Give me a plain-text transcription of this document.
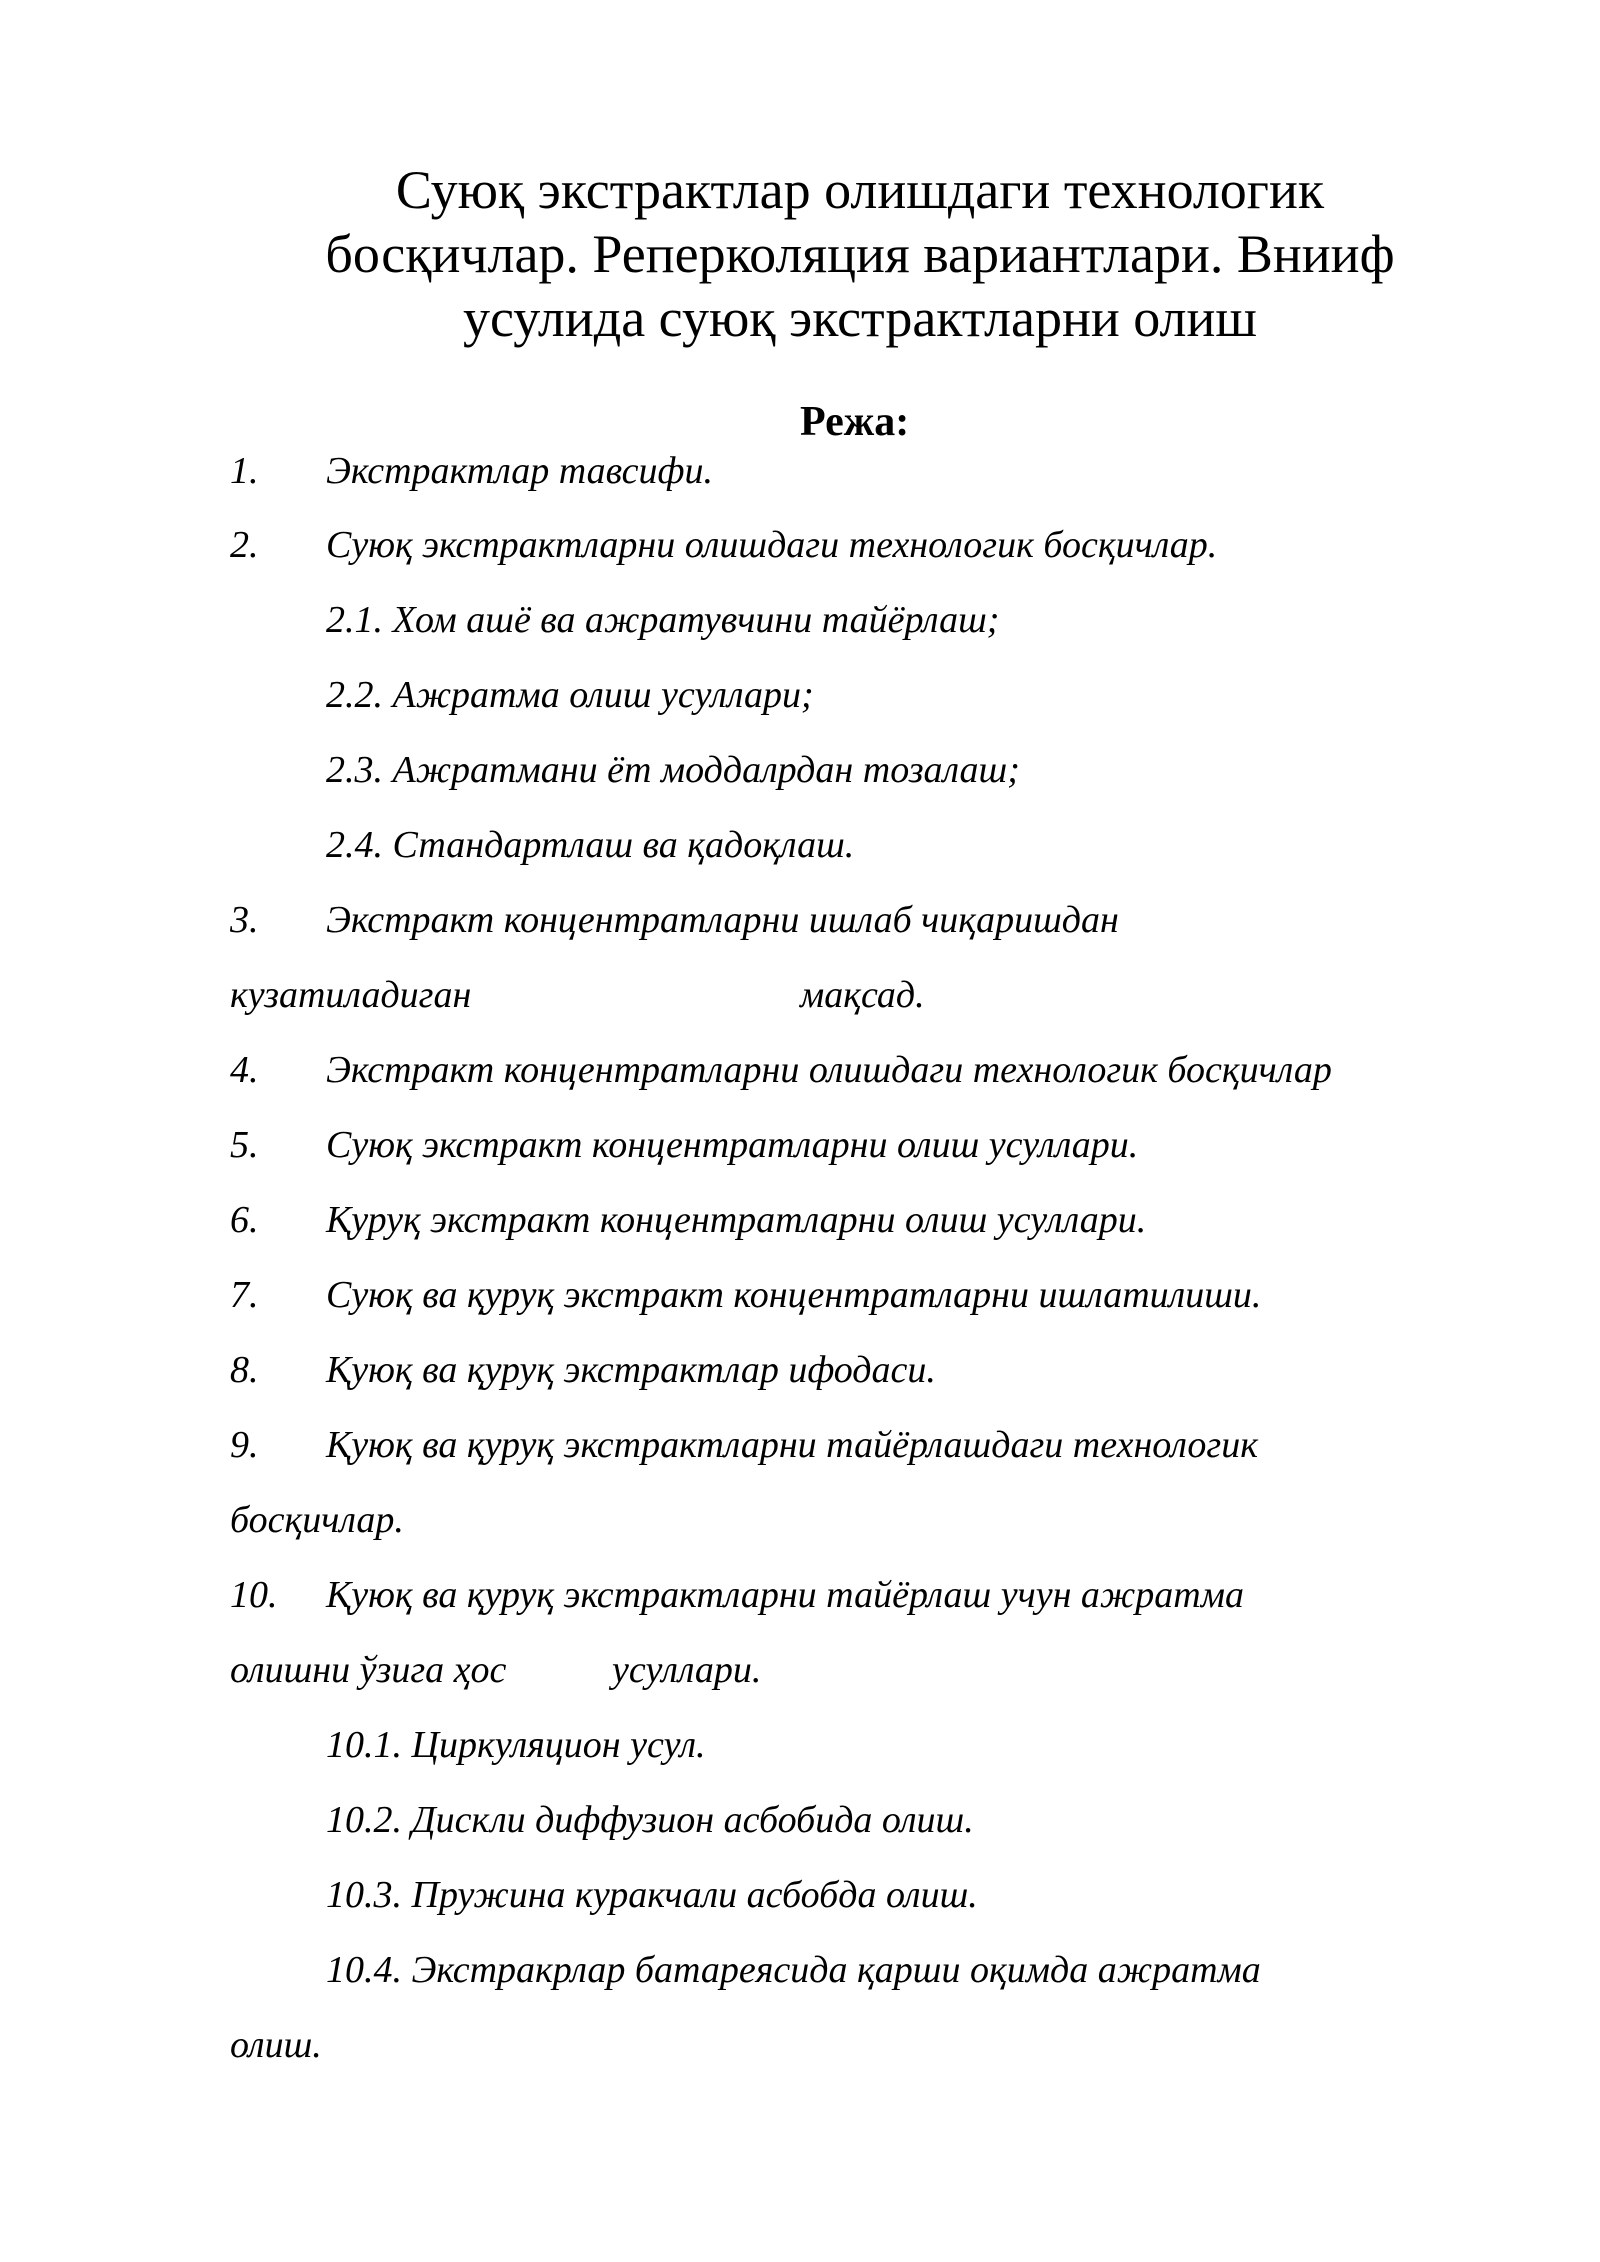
Суюқ экстрактлар олишдаги технологик
босқичлар. Реперколяция вариантлари. Внииф
усулида суюқ экстрактларни олиш
Режа:
1. Экстрактлар тавсифи.
2. Суюқ экстрактларни олишдаги технологик босқичлар.
2.1. Хом ашё ва ажратувчини тайёрлаш;
2.2. Ажратма олиш усуллари;
2.3. Ажратмани ёт моддалрдан тозалаш;
2.4. Стандартлаш ва қадоқлаш.
3. Экстракт концентратларни ишлаб чиқаришдан
кузатиладиган	мақсад.
4. Экстракт концентратларни олишдаги технологик босқичлар
5. Суюқ экстракт концентратларни олиш усуллари.
6. Қуруқ экстракт концентратларни олиш усуллари.
7. Суюқ ва қуруқ экстракт концентратларни ишлатилиши.
8. Қуюқ ва қуруқ экстрактлар ифодаси.
9. Қуюқ ва қуруқ экстрактларни тайёрлашдаги технологик
босқичлар.
10. Қуюқ ва қуруқ экстрактларни тайёрлаш учун ажратма
олишни ўзига ҳос	усуллари.
10.1. Циркуляцион усул.
10.2. Дискли диффузион асбобида олиш.
10.3. Пружина куракчали асбобда олиш.
10.4. Экстракрлар батареясида қарши оқимда ажратма
олиш.
